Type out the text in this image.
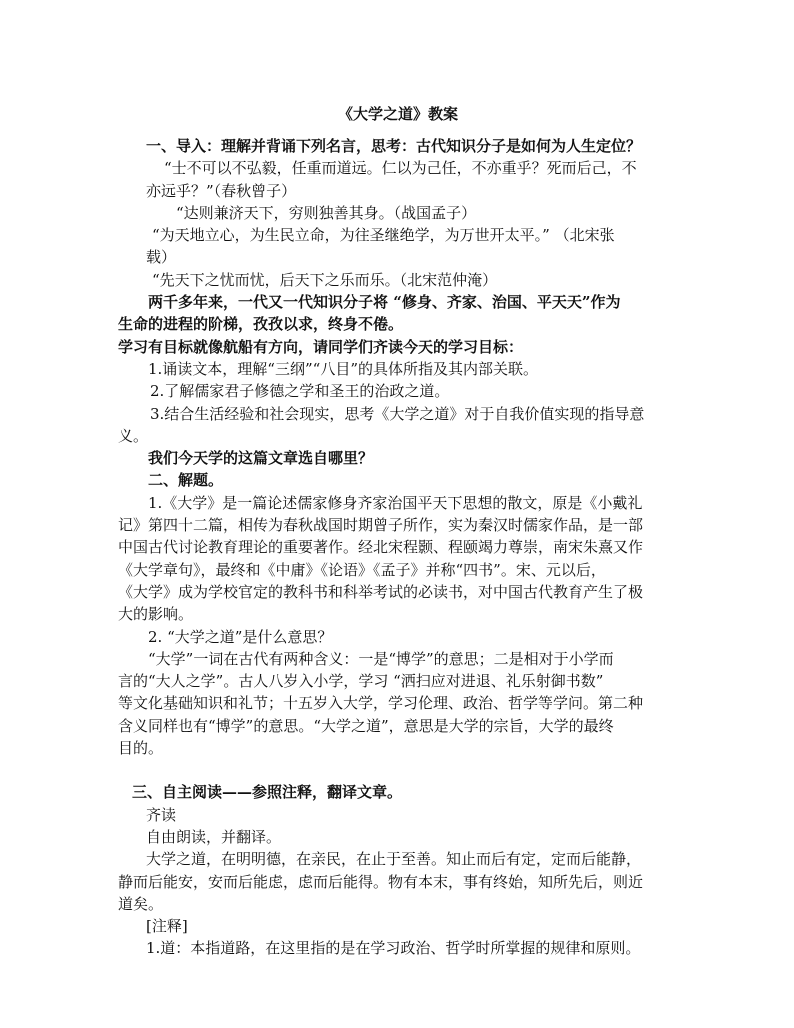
《大学之道》教案
一、导入：理解并背诵下列名言，思考：古代知识分子是如何为人生定位？
“士不可以不弘毅，任重而道远。仁以为己任，不亦重乎？死而后己，不
亦远乎？”（春秋曾子）
“达则兼济天下，穷则独善其身。（战国孟子）
“为天地立心，为生民立命，为往圣继绝学，为万世开太平。” （北宋张
载）
“先天下之忧而忧，后天下之乐而乐。（北宋范仲淹）
两千多年来，一代又一代知识分子将 “修身、齐家、治国、平天天”作为
生命的进程的阶梯，孜孜以求，终身不倦。
学习有目标就像航船有方向，请同学们齐读今天的学习目标：
1.诵读文本，理解“三纲”“八目”的具体所指及其内部关联。
2.了解儒家君子修德之学和圣王的治政之道。
3.结合生活经验和社会现实，思考《大学之道》对于自我价值实现的指导意
义。
我们今天学的这篇文章选自哪里？
二、解题。
1.《大学》是一篇论述儒家修身齐家治国平天下思想的散文，原是《小戴礼
记》第四十二篇，相传为春秋战国时期曾子所作，实为秦汉时儒家作品，是一部
中国古代讨论教育理论的重要著作。经北宋程颢、程颐竭力尊崇，南宋朱熹又作
《大学章句》，最终和《中庸》《论语》《孟子》并称“四书”。宋、元以后，
《大学》成为学校官定的教科书和科举考试的必读书，对中国古代教育产生了极
大的影响。
2. “大学之道”是什么意思？
“大学”一词在古代有两种含义：一是“博学”的意思；二是相对于小学而
言的“大人之学”。古人八岁入小学，学习 “洒扫应对进退、礼乐射御书数”
等文化基础知识和礼节；十五岁入大学，学习伦理、政治、哲学等学问。第二种
含义同样也有“博学”的意思。“大学之道”，意思是大学的宗旨，大学的最终
目的。
三、自主阅读——参照注释，翻译文章。
齐读
自由朗读，并翻译。
大学之道，在明明德，在亲民，在止于至善。知止而后有定，定而后能静，
静而后能安，安而后能虑，虑而后能得。物有本末，事有终始，知所先后，则近
道矣。
[注释]
1.道：本指道路，在这里指的是在学习政治、哲学时所掌握的规律和原则。
